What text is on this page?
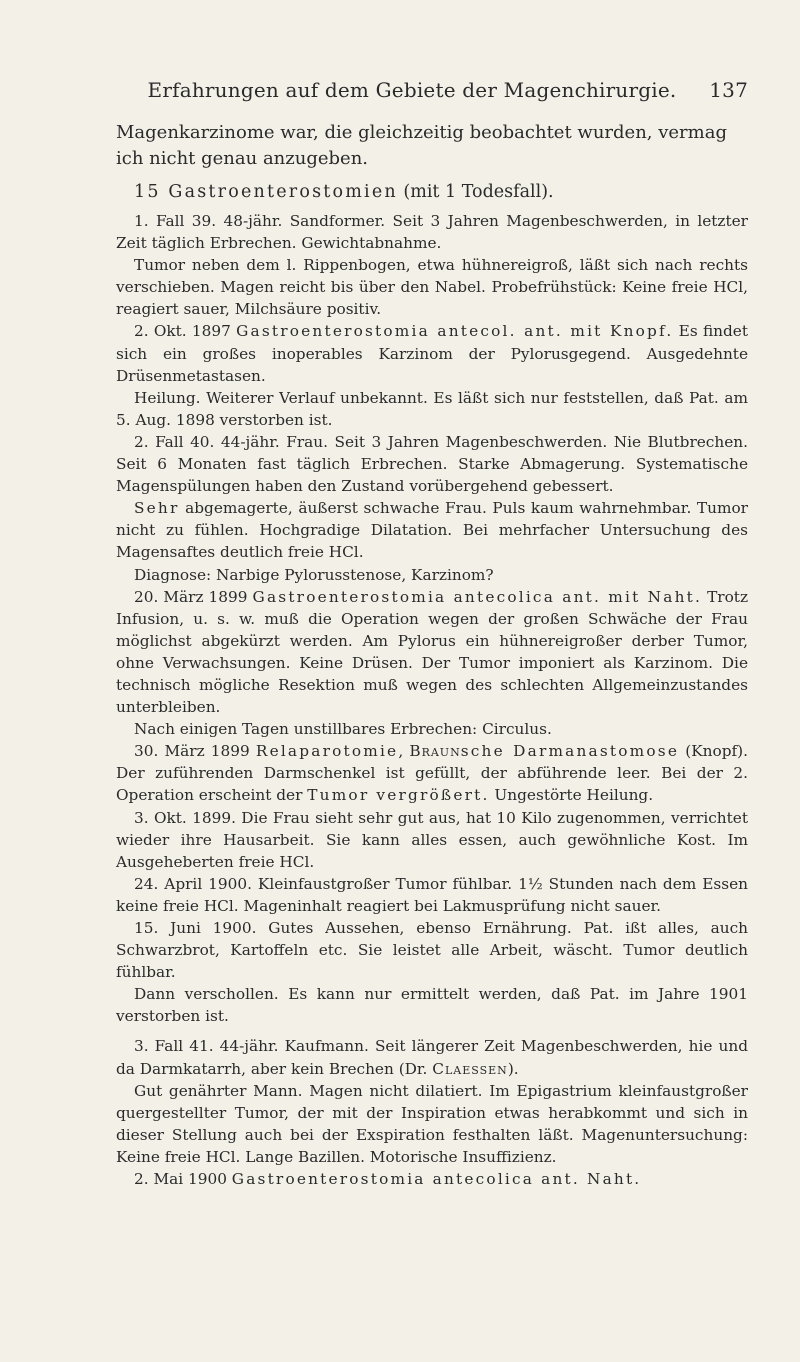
Erfahrungen auf dem Gebiete der Magenchirurgie.	137

Magenkarzinome war, die gleichzeitig beobachtet wurden, vermag ich nicht genau anzugeben.

15 Gastroenterostomien (mit 1 Todesfall).

1. Fall 39. 48-jähr. Sandformer. Seit 3 Jahren Magenbeschwerden, in letzter Zeit täglich Erbrechen. Gewichtabnahme.

Tumor neben dem l. Rippenbogen, etwa hühnereigroß, läßt sich nach rechts verschieben. Magen reicht bis über den Nabel. Probefrühstück: Keine freie HCl, reagiert sauer, Milchsäure positiv.

2. Okt. 1897 Gastroenterostomia antecol. ant. mit Knopf. Es findet sich ein großes inoperables Karzinom der Pylorusgegend. Ausgedehnte Drüsenmetastasen.

Heilung. Weiterer Verlauf unbekannt. Es läßt sich nur feststellen, daß Pat. am 5. Aug. 1898 verstorben ist.

2. Fall 40. 44-jähr. Frau. Seit 3 Jahren Magenbeschwerden. Nie Blutbrechen. Seit 6 Monaten fast täglich Erbrechen. Starke Abmagerung. Systematische Magenspülungen haben den Zustand vorübergehend gebessert.

Sehr abgemagerte, äußerst schwache Frau. Puls kaum wahrnehmbar. Tumor nicht zu fühlen. Hochgradige Dilatation. Bei mehrfacher Untersuchung des Magensaftes deutlich freie HCl.

Diagnose: Narbige Pylorusstenose, Karzinom?

20. März 1899 Gastroenterostomia antecolica ant. mit Naht. Trotz Infusion, u. s. w. muß die Operation wegen der großen Schwäche der Frau möglichst abgekürzt werden. Am Pylorus ein hühnereigroßer derber Tumor, ohne Verwachsungen. Keine Drüsen. Der Tumor imponiert als Karzinom. Die technisch mögliche Resektion muß wegen des schlechten Allgemeinzustandes unterbleiben.

Nach einigen Tagen unstillbares Erbrechen: Circulus.

30. März 1899 Relaparotomie, Braunsche Darmanastomose (Knopf). Der zuführenden Darmschenkel ist gefüllt, der abführende leer. Bei der 2. Operation erscheint der Tumor vergrößert. Ungestörte Heilung.

3. Okt. 1899. Die Frau sieht sehr gut aus, hat 10 Kilo zugenommen, verrichtet wieder ihre Hausarbeit. Sie kann alles essen, auch gewöhnliche Kost. Im Ausgeheberten freie HCl.

24. April 1900. Kleinfaustgroßer Tumor fühlbar. 1½ Stunden nach dem Essen keine freie HCl. Mageninhalt reagiert bei Lakmusprüfung nicht sauer.

15. Juni 1900. Gutes Aussehen, ebenso Ernährung. Pat. ißt alles, auch Schwarzbrot, Kartoffeln etc. Sie leistet alle Arbeit, wäscht. Tumor deutlich fühlbar.

Dann verschollen. Es kann nur ermittelt werden, daß Pat. im Jahre 1901 verstorben ist.

3. Fall 41. 44-jähr. Kaufmann. Seit längerer Zeit Magenbeschwerden, hie und da Darmkatarrh, aber kein Brechen (Dr. Claessen).

Gut genährter Mann. Magen nicht dilatiert. Im Epigastrium kleinfaustgroßer quergestellter Tumor, der mit der Inspiration etwas herabkommt und sich in dieser Stellung auch bei der Exspiration festhalten läßt. Magenuntersuchung: Keine freie HCl. Lange Bazillen. Motorische Insuffizienz.

2. Mai 1900 Gastroenterostomia antecolica ant. Naht.
